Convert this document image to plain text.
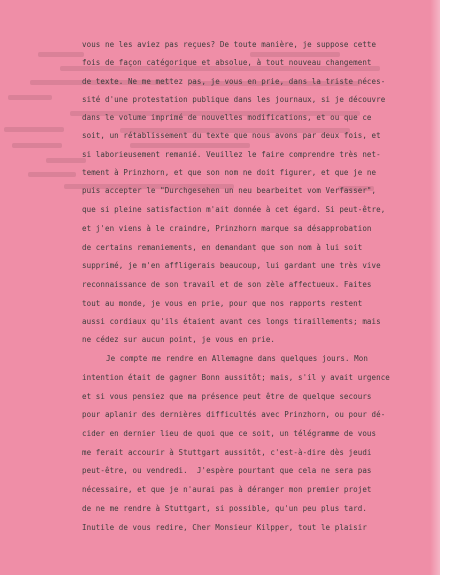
vous ne les aviez pas reçues? De toute manière, je suppose cette
fois de façon catégorique et absolue, à tout nouveau changement
de texte. Ne me mettez pas, je vous en prie, dans la triste néces-
sité d'une protestation publique dans les journaux, si je découvre
dans le volume imprimé de nouvelles modifications, et ou que ce
soit, un rétablissement du texte que nous avons par deux fois, et
si laborieusement remanié. Veuillez le faire comprendre très net-
tement à Prinzhorn, et que son nom ne doit figurer, et que je ne
puis accepter le "Durchgesehen un neu bearbeitet vom Verfasser",
que si pleine satisfaction m'ait donnée à cet égard. Si peut-être,
et j'en viens à le craindre, Prinzhorn marque sa désapprobation
de certains remaniements, en demandant que son nom à lui soit
supprimé, je m'en affligerais beaucoup, lui gardant une très vive
reconnaissance de son travail et de son zèle affectueux. Faites
tout au monde, je vous en prie, pour que nos rapports restent
aussi cordiaux qu'ils étaient avant ces longs tiraillements; mais
ne cédez sur aucun point, je vous en prie.
Je compte me rendre en Allemagne dans quelques jours. Mon
intention était de gagner Bonn aussitôt; mais, s'il y avait urgence
et si vous pensiez que ma présence peut être de quelque secours
pour aplanir des dernières difficultés avec Prinzhorn, ou pour dé-
cider en dernier lieu de quoi que ce soit, un télégramme de vous
me ferait accourir à Stuttgart aussitôt, c'est-à-dire dès jeudi
peut-être, ou vendredi.  J'espère pourtant que cela ne sera pas
nécessaire, et que je n'aurai pas à déranger mon premier projet
de ne me rendre à Stuttgart, si possible, qu'un peu plus tard.
Inutile de vous redire, Cher Monsieur Kilpper, tout le plaisir
